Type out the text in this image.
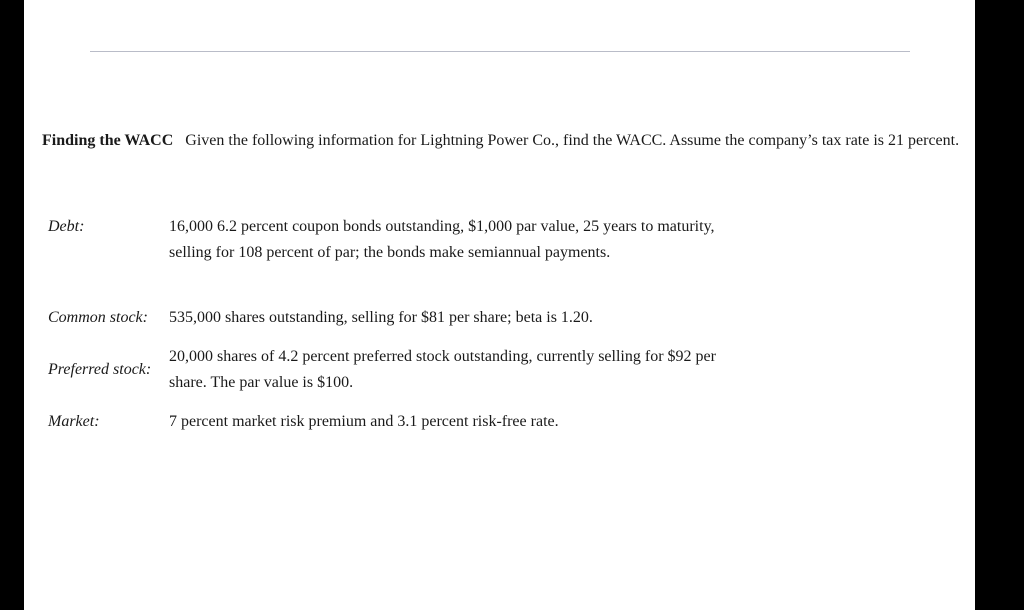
Finding the WACC Given the following information for Lightning Power Co., find the WACC. Assume the company’s tax rate is 21 percent.
Debt:	16,000 6.2 percent coupon bonds outstanding, $1,000 par value, 25 years to maturity, selling for 108 percent of par; the bonds make semiannual payments.
Common stock: 535,000 shares outstanding, selling for $81 per share; beta is 1.20.
Preferred stock:
20,000 shares of 4.2 percent preferred stock outstanding, currently selling for $92 per share. The par value is $100.
Market:	7 percent market risk premium and 3.1 percent risk-free rate.
